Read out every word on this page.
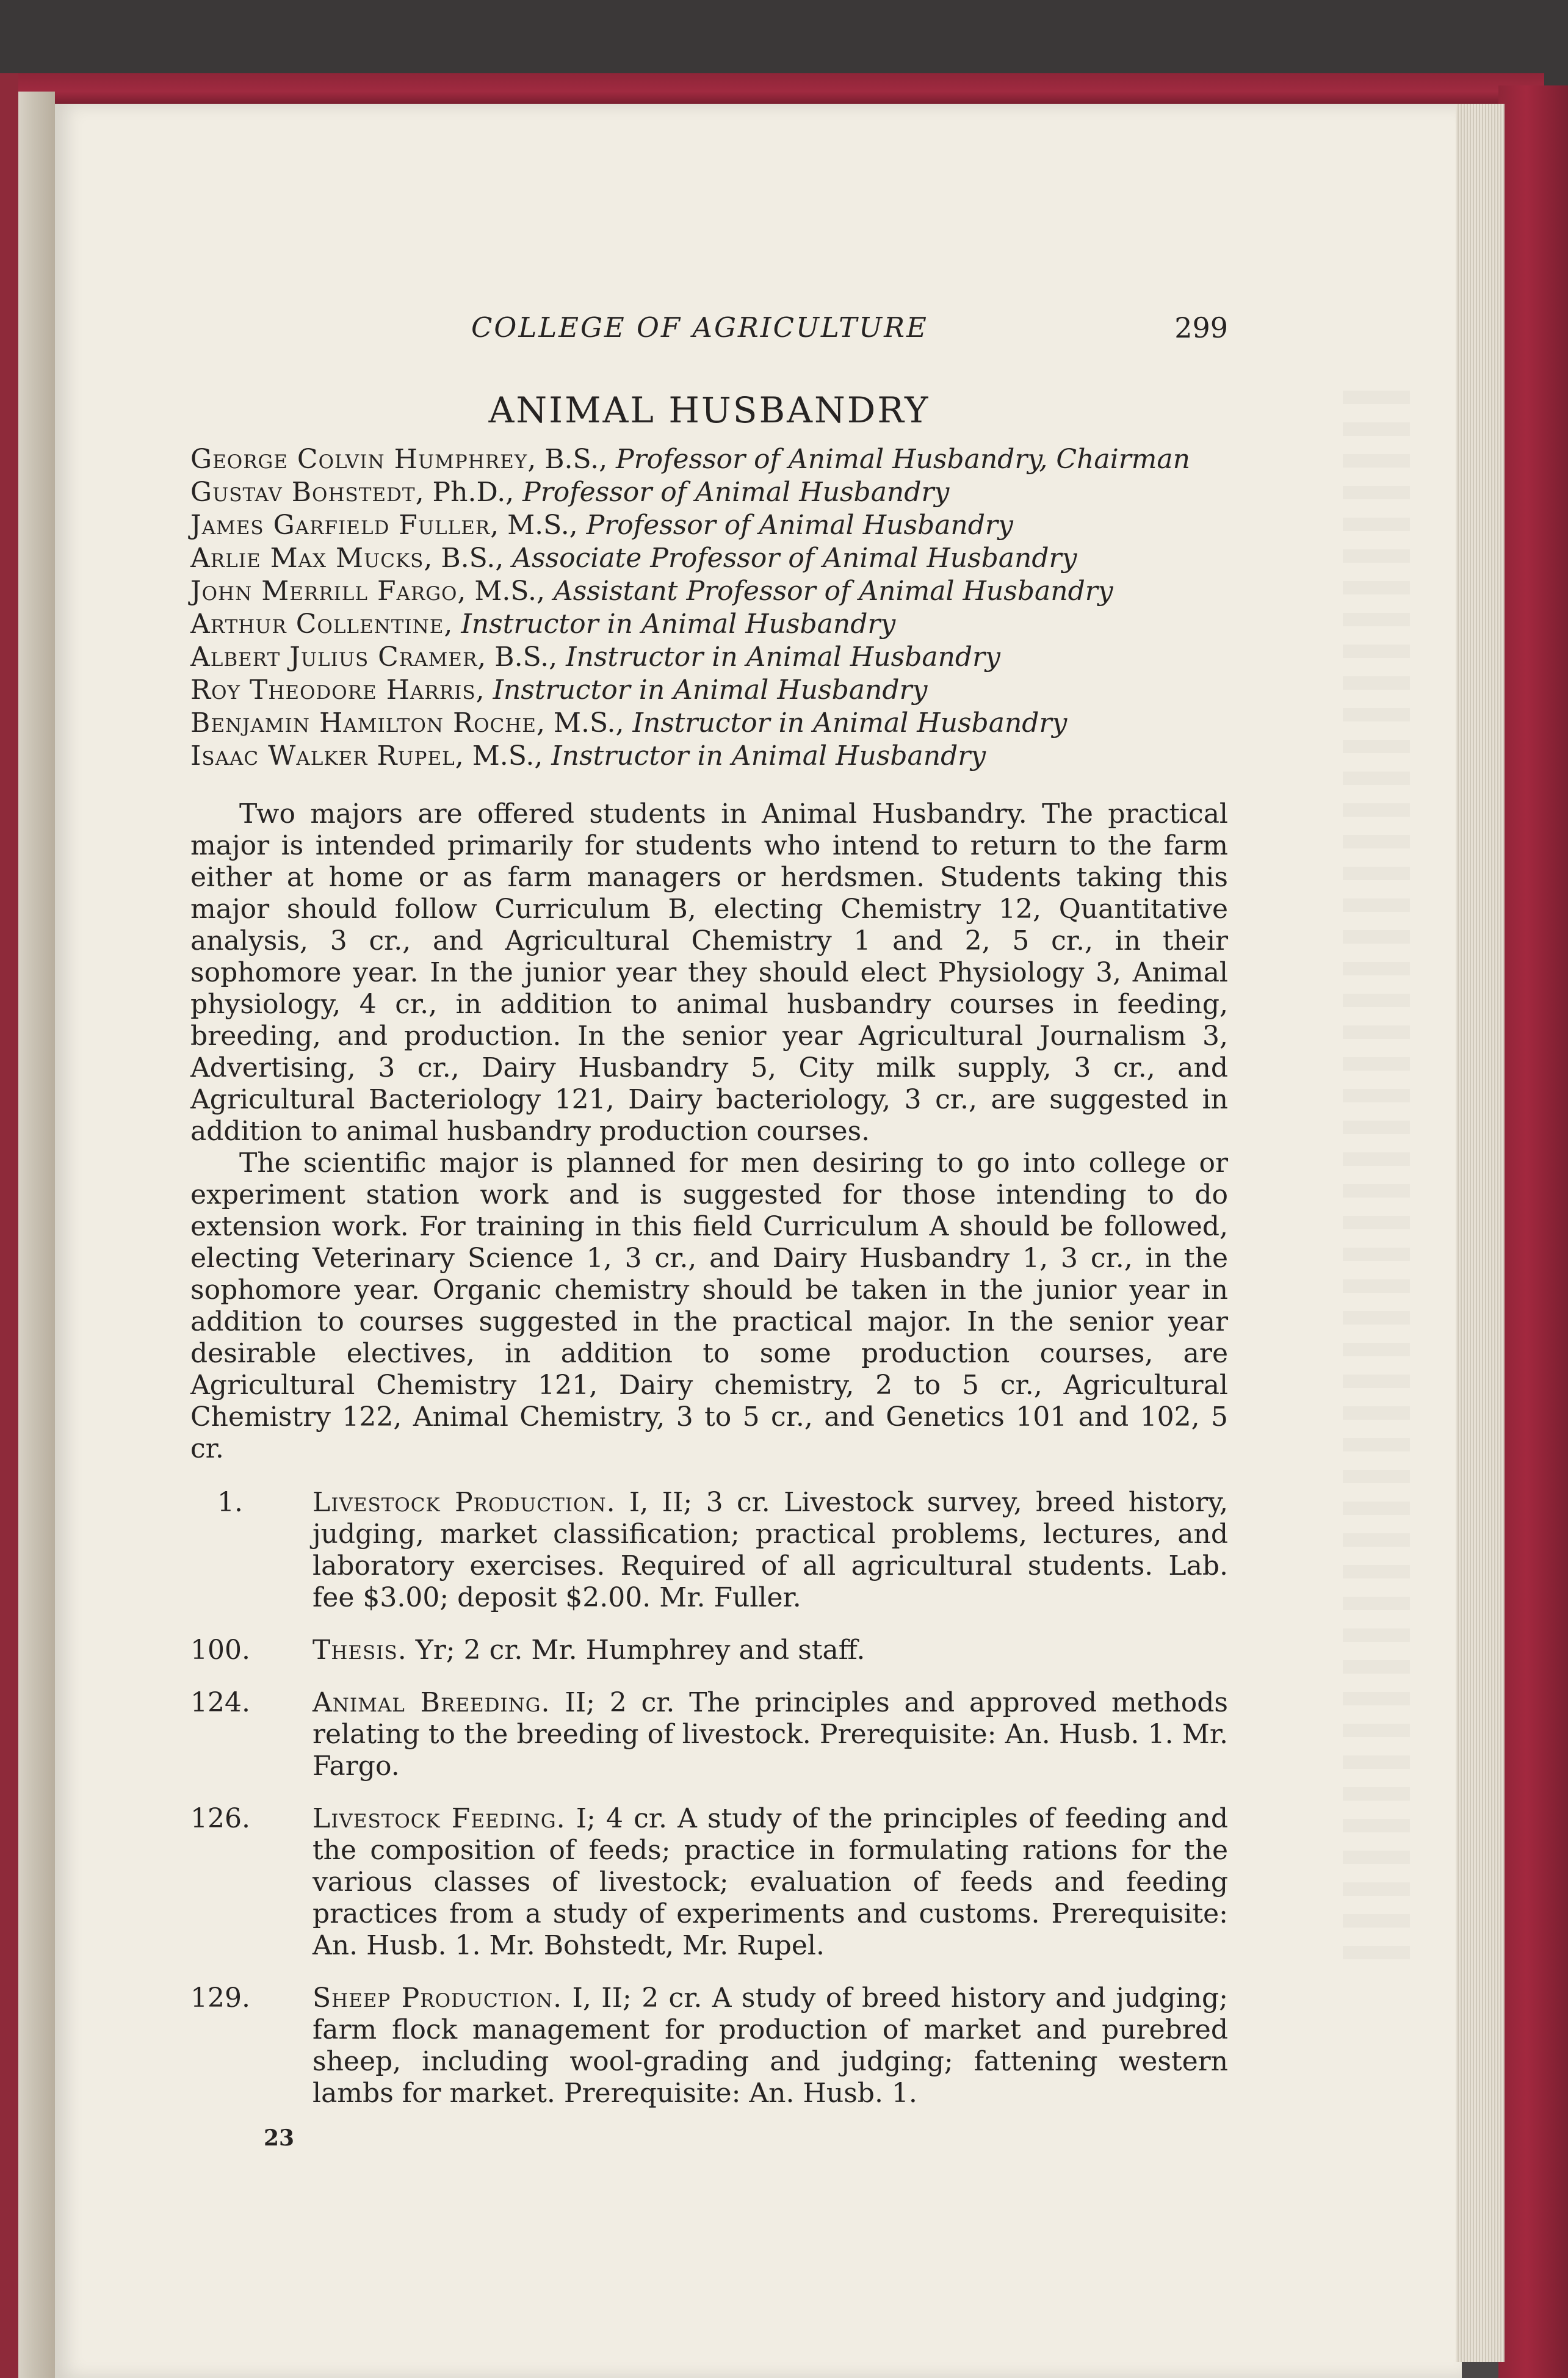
COLLEGE OF AGRICULTURE	299
ANIMAL HUSBANDRY
George Colvin Humphrey, B.S., Professor of Animal Husbandry, Chairman
Gustav Bohstedt, Ph.D., Professor of Animal Husbandry
James Garfield Fuller, M.S., Professor of Animal Husbandry
Arlie Max Mucks, B.S., Associate Professor of Animal Husbandry
John Merrill Fargo, M.S., Assistant Professor of Animal Husbandry
Arthur Collentine, Instructor in Animal Husbandry
Albert Julius Cramer, B.S., Instructor in Animal Husbandry
Roy Theodore Harris, Instructor in Animal Husbandry
Benjamin Hamilton Roche, M.S., Instructor in Animal Husbandry
Isaac Walker Rupel, M.S., Instructor in Animal Husbandry

Two majors are offered students in Animal Husbandry. The practical major is intended primarily for students who intend to return to the farm either at home or as farm managers or herdsmen. Students taking this major should follow Curriculum B, electing Chemistry 12, Quantitative analysis, 3 cr., and Agricultural Chemistry 1 and 2, 5 cr., in their sophomore year. In the junior year they should elect Physiology 3, Animal physiology, 4 cr., in addition to animal husbandry courses in feeding, breeding, and production. In the senior year Agricultural Journalism 3, Advertising, 3 cr., Dairy Husbandry 5, City milk supply, 3 cr., and Agricultural Bacteriology 121, Dairy bacteriology, 3 cr., are suggested in addition to animal husbandry production courses.

The scientific major is planned for men desiring to go into college or experiment station work and is suggested for those intending to do extension work. For training in this field Curriculum A should be followed, electing Veterinary Science 1, 3 cr., and Dairy Husbandry 1, 3 cr., in the sophomore year. Organic chemistry should be taken in the junior year in addition to courses suggested in the practical major. In the senior year desirable electives, in addition to some production courses, are Agricultural Chemistry 121, Dairy chemistry, 2 to 5 cr., Agricultural Chemistry 122, Animal Chemistry, 3 to 5 cr., and Genetics 101 and 102, 5 cr.

1.	Livestock Production. I, II; 3 cr. Livestock survey, breed history, judging, market classification; practical problems, lectures, and laboratory exercises. Required of all agricultural students. Lab. fee $3.00; deposit $2.00. Mr. Fuller.
100.	Thesis. Yr; 2 cr. Mr. Humphrey and staff.
124.	Animal Breeding. II; 2 cr. The principles and approved methods relating to the breeding of livestock. Prerequisite: An. Husb. 1. Mr. Fargo.
126.	Livestock Feeding. I; 4 cr. A study of the principles of feeding and the composition of feeds; practice in formulating rations for the various classes of livestock; evaluation of feeds and feeding practices from a study of experiments and customs. Prerequisite: An. Husb. 1. Mr. Bohstedt, Mr. Rupel.
129.	Sheep Production. I, II; 2 cr. A study of breed history and judging; farm flock management for production of market and purebred sheep, including wool-grading and judging; fattening western lambs for market. Prerequisite: An. Husb. 1.
23
